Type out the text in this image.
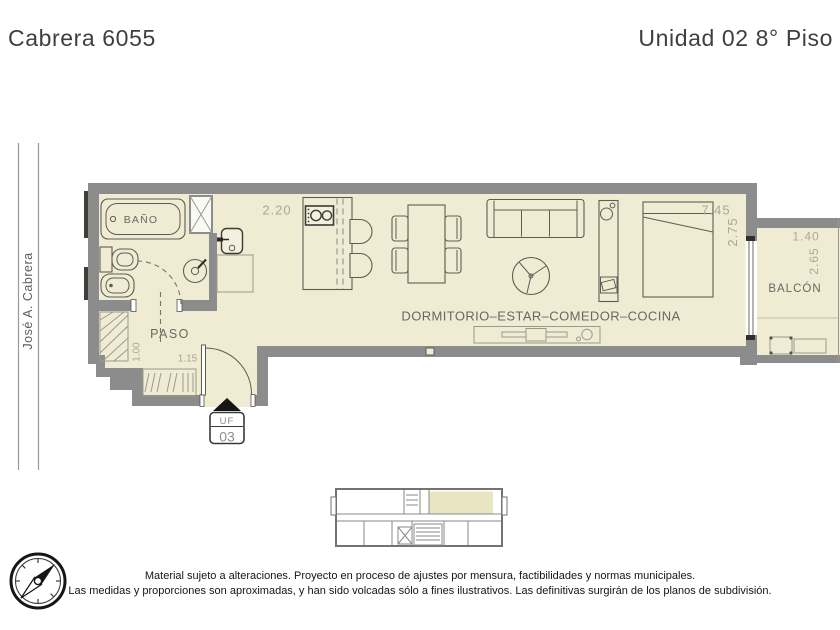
Cabrera 6055	Unidad 02 8° Piso
José A. Cabrera
UF
03
BAÑO
PASO
DORMITORIO–ESTAR–COMEDOR–COCINA
BALCÓN
2.20	7.45
2.75	1.40
2.65
1.00	1.15
Material sujeto a alteraciones. Proyecto en proceso de ajustes por mensura, factibilidades y normas municipales.
Las medidas y proporciones son aproximadas, y han sido volcadas sólo a fines ilustrativos. Las definitivas surgirán de los planos de subdivisión.
